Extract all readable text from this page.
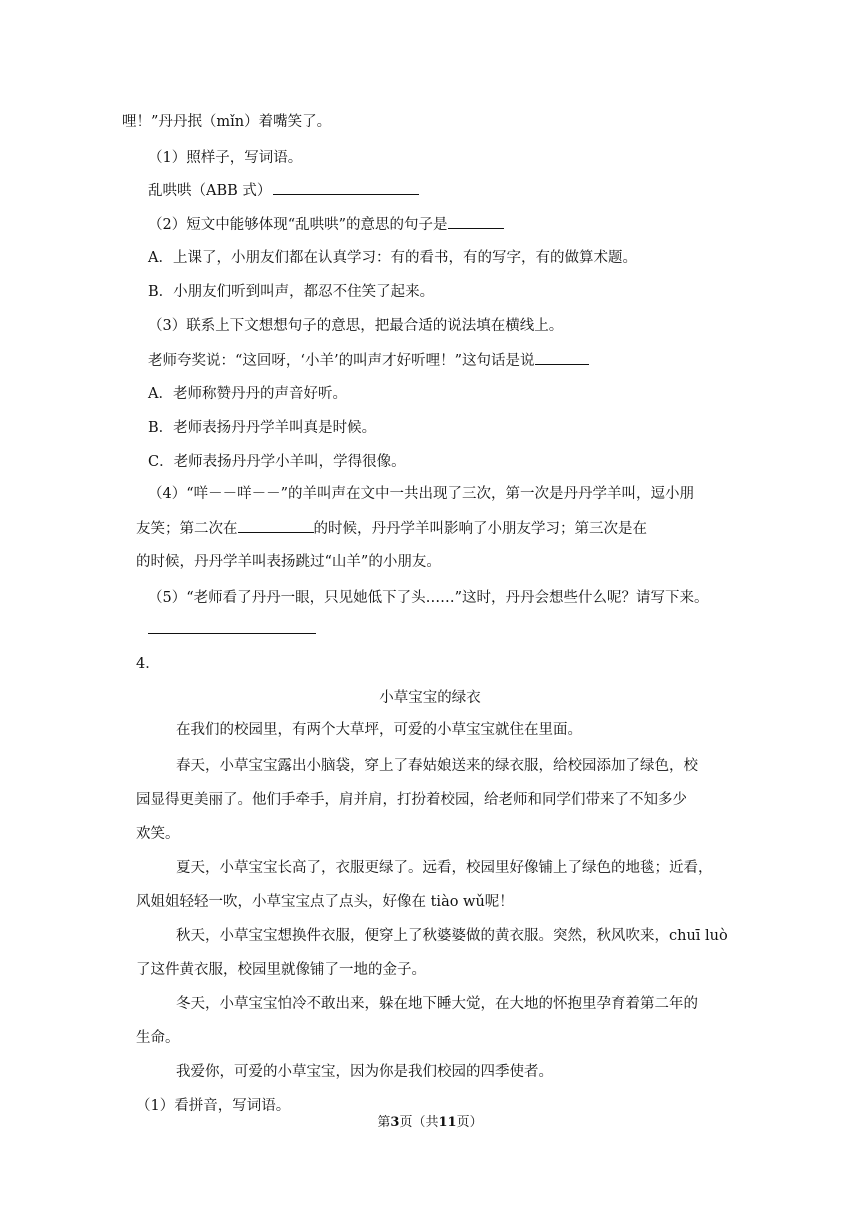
哩！”丹丹抿（mǐn）着嘴笑了。
（1）照样子，写词语。
乱哄哄（ABB 式）
（2）短文中能够体现“乱哄哄”的意思的句子是
A．上课了，小朋友们都在认真学习：有的看书，有的写字，有的做算术题。
B．小朋友们听到叫声，都忍不住笑了起来。
（3）联系上下文想想句子的意思，把最合适的说法填在横线上。
老师夸奖说：“这回呀，‘小羊’的叫声才好听哩！”这句话是说
A．老师称赞丹丹的声音好听。
B．老师表扬丹丹学羊叫真是时候。
C．老师表扬丹丹学小羊叫，学得很像。
（4）“咩－－咩－－”的羊叫声在文中一共出现了三次，第一次是丹丹学羊叫，逗小朋
友笑；第二次在	的时候，丹丹学羊叫影响了小朋友学习；第三次是在
的时候，丹丹学羊叫表扬跳过“山羊”的小朋友。
（5）“老师看了丹丹一眼，只见她低下了头……”这时，丹丹会想些什么呢？请写下来。
4．
小草宝宝的绿衣
在我们的校园里，有两个大草坪，可爱的小草宝宝就住在里面。
春天，小草宝宝露出小脑袋，穿上了春姑娘送来的绿衣服，给校园添加了绿色，校
园显得更美丽了。他们手牵手，肩并肩，打扮着校园，给老师和同学们带来了不知多少
欢笑。
夏天，小草宝宝长高了，衣服更绿了。远看，校园里好像铺上了绿色的地毯；近看，
风姐姐轻轻一吹，小草宝宝点了点头，好像在 tiào wǔ呢！
秋天，小草宝宝想换件衣服，便穿上了秋婆婆做的黄衣服。突然，秋风吹来，chuī luò
了这件黄衣服，校园里就像铺了一地的金子。
冬天，小草宝宝怕冷不敢出来，躲在地下睡大觉，在大地的怀抱里孕育着第二年的
生命。
我爱你，可爱的小草宝宝，因为你是我们校园的四季使者。
（1）看拼音，写词语。
第3页（共11页）
